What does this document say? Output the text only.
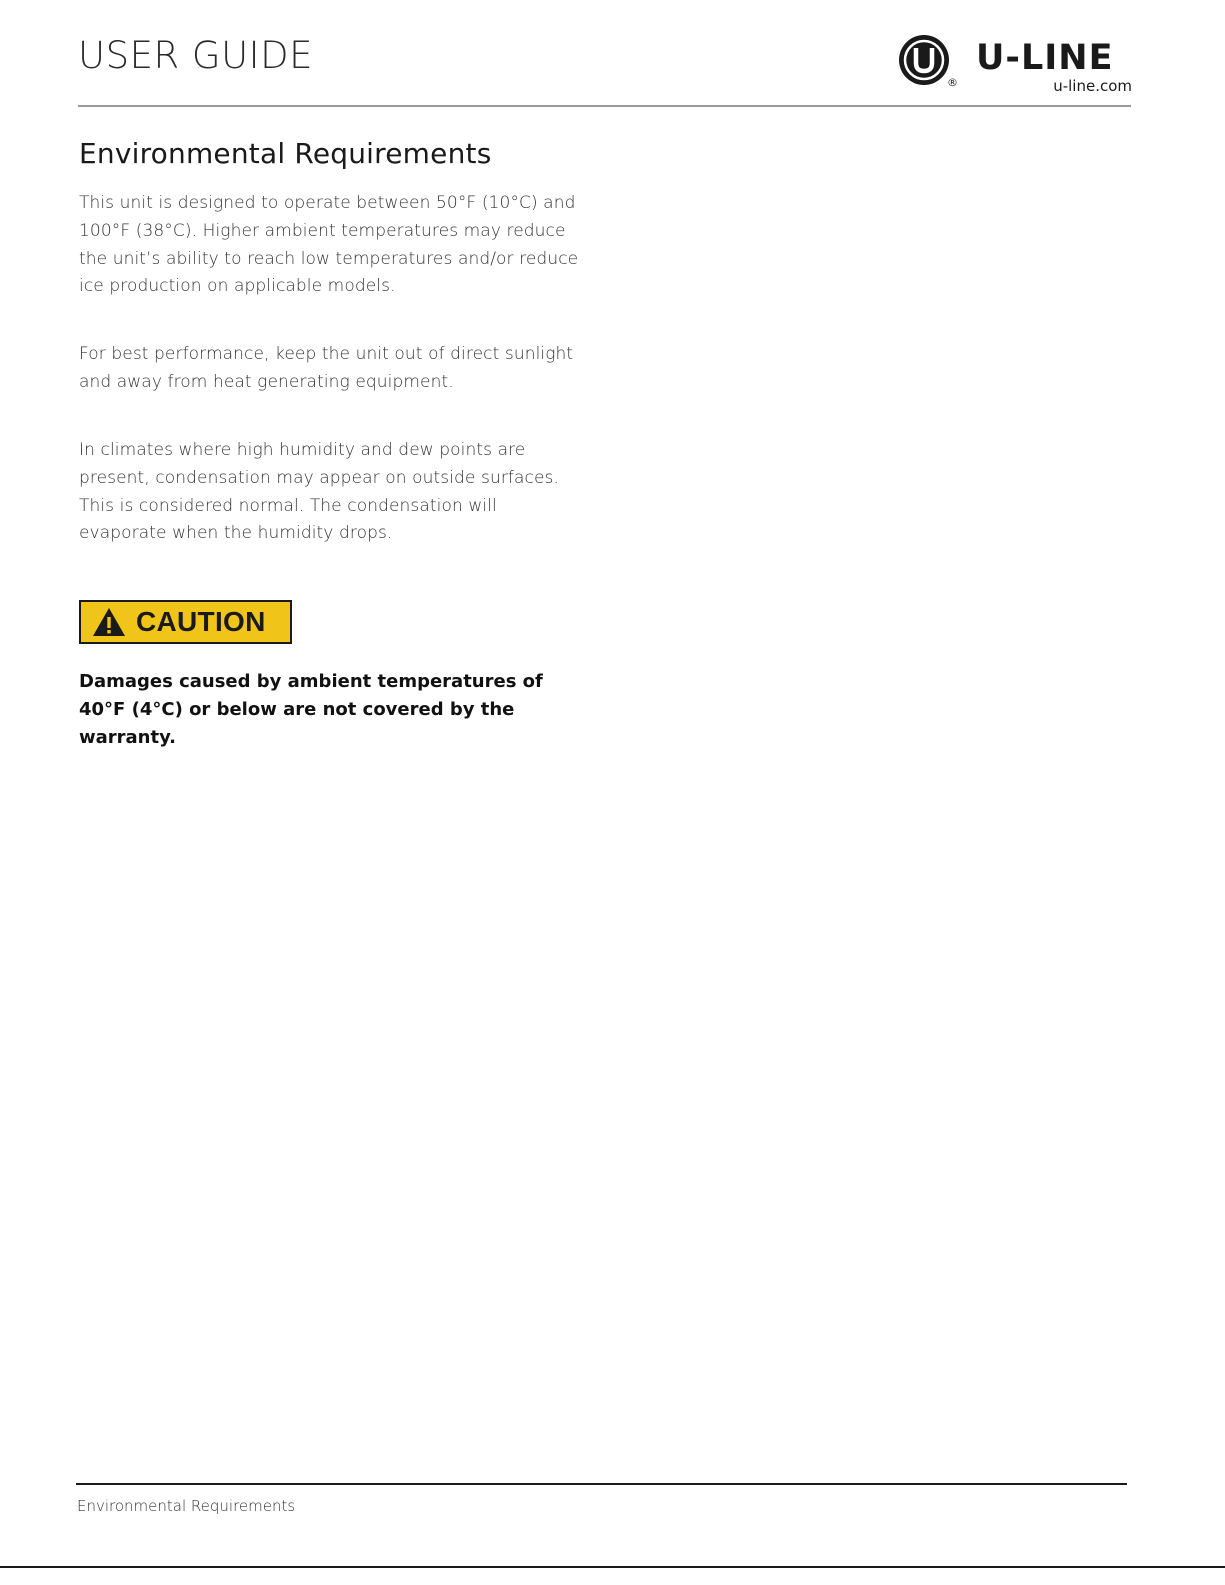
USER GUIDE
®
U-LINE
u-line.com
Environmental Requirements

This unit is designed to operate between 50°F (10°C) and 100°F (38°C). Higher ambient temperatures may reduce the unit’s ability to reach low temperatures and/or reduce ice production on applicable models.

For best performance, keep the unit out of direct sunlight and away from heat generating equipment.

In climates where high humidity and dew points are present, condensation may appear on outside surfaces. This is considered normal. The condensation will evaporate when the humidity drops.

CAUTION

Damages caused by ambient temperatures of 40°F (4°C) or below are not covered by the warranty.

Environmental Requirements
